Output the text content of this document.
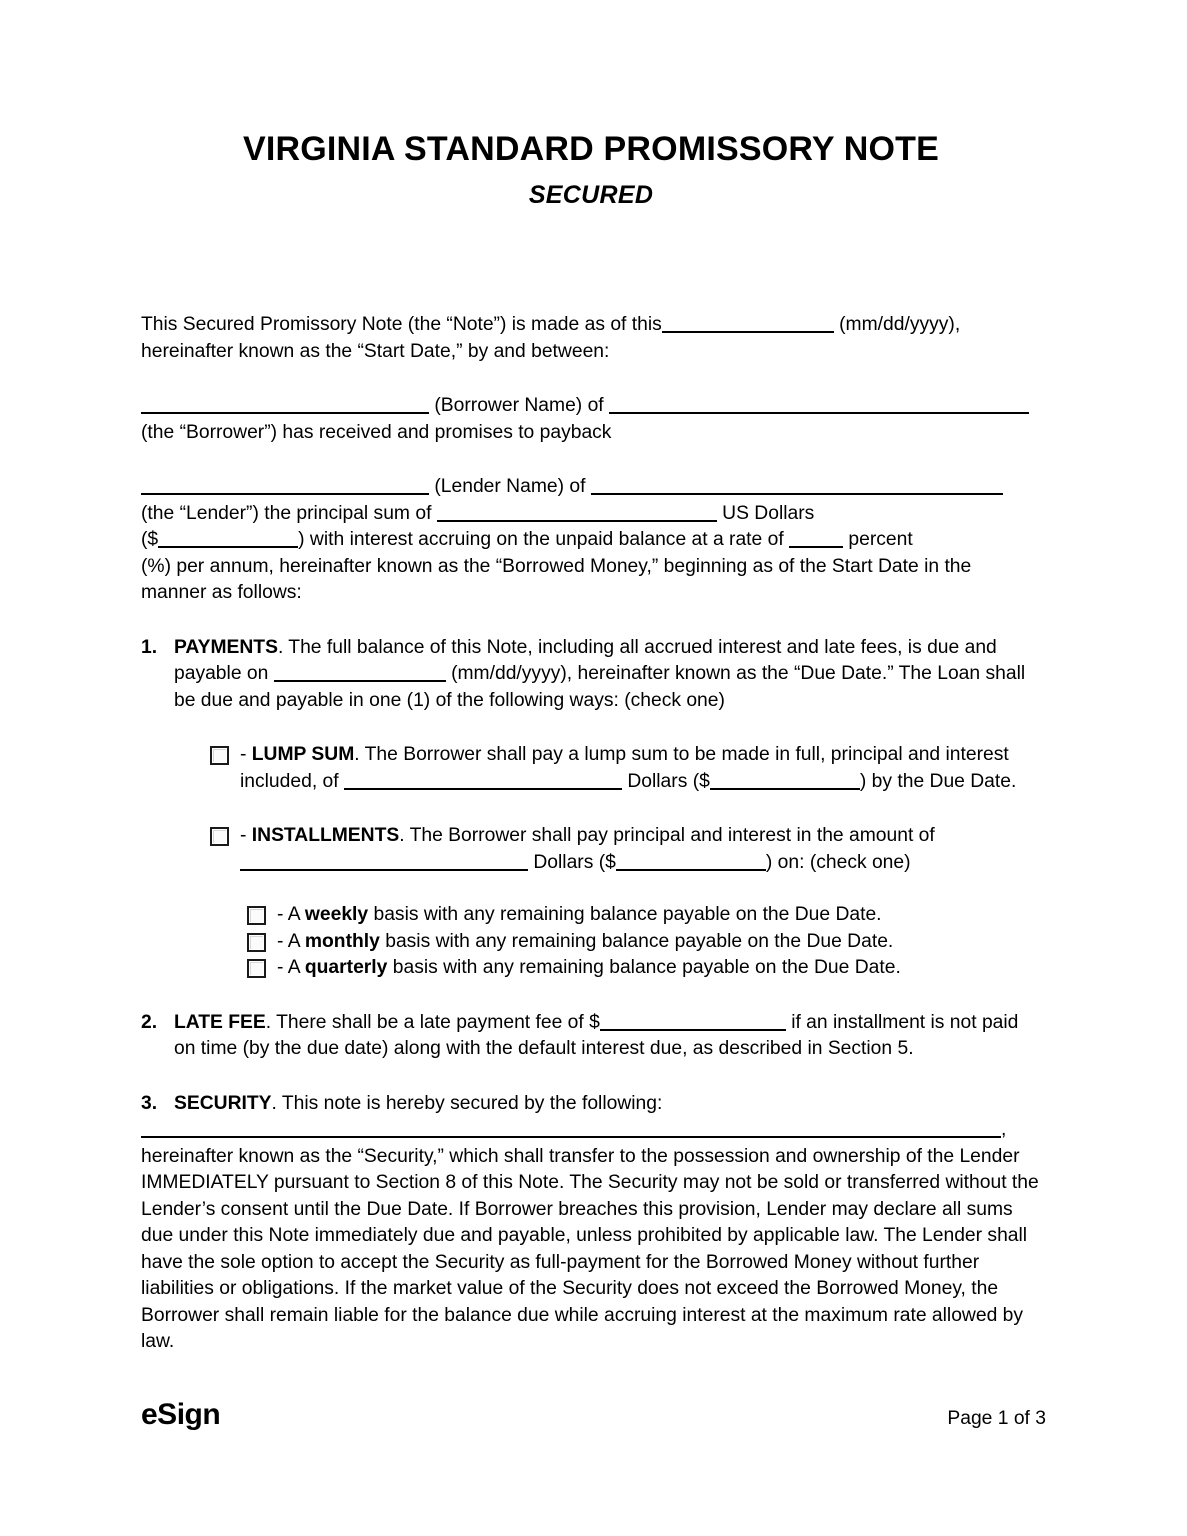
VIRGINIA STANDARD PROMISSORY NOTE
SECURED

This Secured Promissory Note (the “Note”) is made as of this	(mm/dd/yyyy), hereinafter known as the “Start Date,” by and between:

(Borrower Name) of

(the “Borrower”) has received and promises to payback

(Lender Name) of

(the “Lender”) the principal sum of	US Dollars

($	) with interest accruing on the unpaid balance at a rate of	percent

(%) per annum, hereinafter known as the “Borrowed Money,” beginning as of the Start Date in the manner as follows:

1. PAYMENTS. The full balance of this Note, including all accrued interest and late fees, is due and payable on	(mm/dd/yyyy), hereinafter known as the “Due Date.” The Loan shall be due and payable in one (1) of the following ways: (check one)
- LUMP SUM. The Borrower shall pay a lump sum to be made in full, principal and interest included, of	Dollars ($	) by the Due Date.
- INSTALLMENTS. The Borrower shall pay principal and interest in the amount of  Dollars ($	) on: (check one)
- A weekly basis with any remaining balance payable on the Due Date.
- A monthly basis with any remaining balance payable on the Due Date.
- A quarterly basis with any remaining balance payable on the Due Date.
2. LATE FEE. There shall be a late payment fee of $	if an installment is not paid on time (by the due date) along with the default interest due, as described in Section 5.
3. SECURITY. This note is hereby secured by the following:

,

hereinafter known as the “Security,” which shall transfer to the possession and ownership of the Lender IMMEDIATELY pursuant to Section 8 of this Note. The Security may not be sold or transferred without the Lender’s consent until the Due Date. If Borrower breaches this provision, Lender may declare all sums due under this Note immediately due and payable, unless prohibited by applicable law. The Lender shall have the sole option to accept the Security as full-payment for the Borrowed Money without further liabilities or obligations. If the market value of the Security does not exceed the Borrowed Money, the Borrower shall remain liable for the balance due while accruing interest at the maximum rate allowed by law.

eSign	Page 1 of 3
